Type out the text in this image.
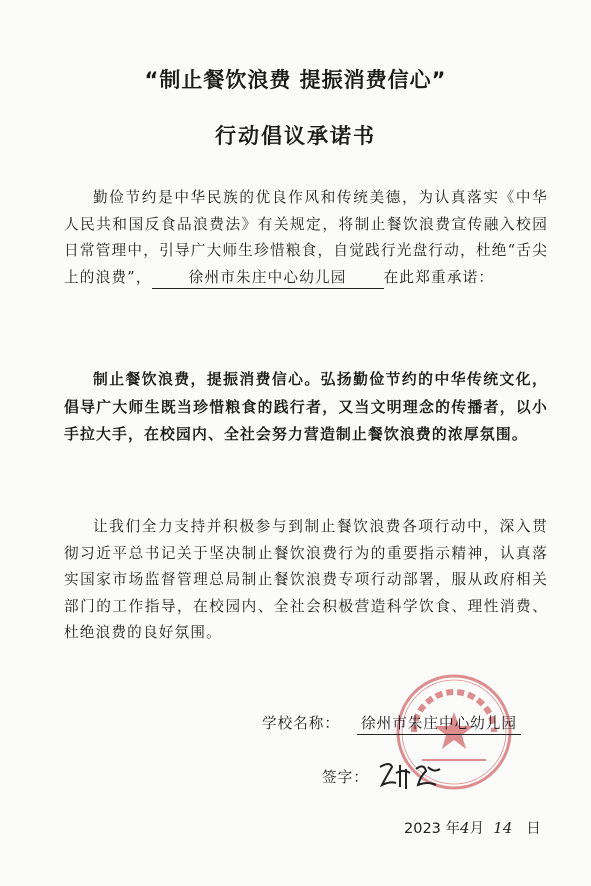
“制止餐饮浪费 提振消费信心”
行动倡议承诺书
勤俭节约是中华民族的优良作风和传统美德，为认真落实《中华人民共和国反食品浪费法》有关规定，将制止餐饮浪费宣传融入校园日常管理中，引导广大师生珍惜粮食，自觉践行光盘行动，杜绝“舌尖上的浪费”，	徐州市朱庄中心幼儿园	在此郑重承诺：
制止餐饮浪费，提振消费信心。弘扬勤俭节约的中华传统文化，倡导广大师生既当珍惜粮食的践行者，又当文明理念的传播者，以小手拉大手，在校园内、全社会努力营造制止餐饮浪费的浓厚氛围。
让我们全力支持并积极参与到制止餐饮浪费各项行动中，深入贯彻习近平总书记关于坚决制止餐饮浪费行为的重要指示精神，认真落实国家市场监督管理总局制止餐饮浪费专项行动部署，服从政府相关部门的工作指导，在校园内、全社会积极营造科学饮食、理性消费、杜绝浪费的良好氛围。
学校名称： 徐州市朱庄中心幼儿园
签字：
2023 年4月 14 日
